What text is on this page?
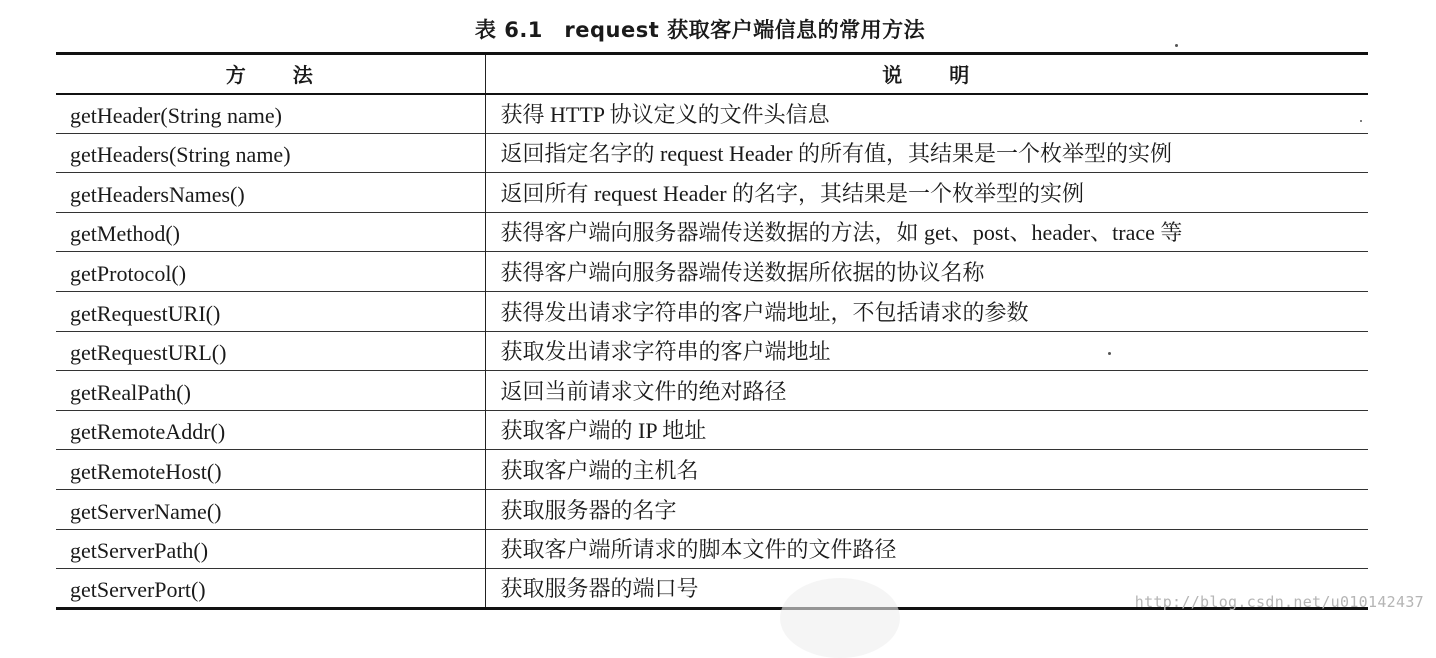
表 6.1　request 获取客户端信息的常用方法
方 法	说 明
getHeader(String name)	获得 HTTP 协议定义的文件头信息
getHeaders(String name)	返回指定名字的 request Header 的所有值，其结果是一个枚举型的实例
getHeadersNames()	返回所有 request Header 的名字，其结果是一个枚举型的实例
getMethod()	获得客户端向服务器端传送数据的方法，如 get、post、header、trace 等
getProtocol()	获得客户端向服务器端传送数据所依据的协议名称
getRequestURI()	获得发出请求字符串的客户端地址，不包括请求的参数
getRequestURL()	获取发出请求字符串的客户端地址
getRealPath()	返回当前请求文件的绝对路径
getRemoteAddr()	获取客户端的 IP 地址
getRemoteHost()	获取客户端的主机名
getServerName()	获取服务器的名字
getServerPath()	获取客户端所请求的脚本文件的文件路径
getServerPort()	获取服务器的端口号
http://blog.csdn.net/u010142437
